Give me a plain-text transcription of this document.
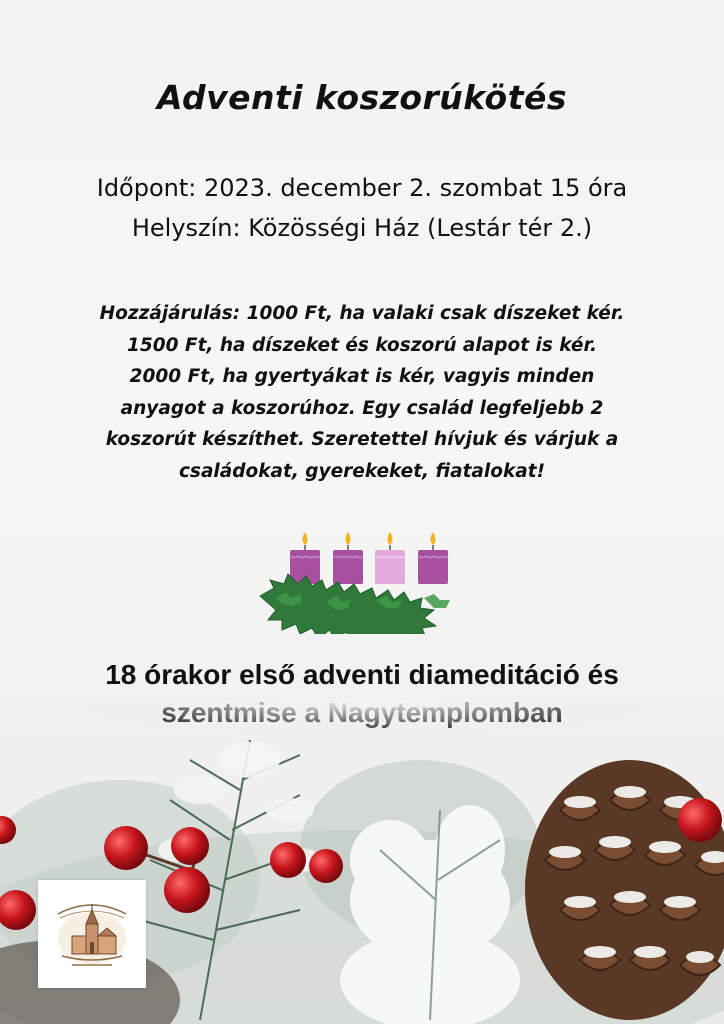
Adventi koszorúkötés
Időpont: 2023. december 2. szombat 15 óra
Helyszín: Közösségi Ház (Lestár tér 2.)
Hozzájárulás: 1000 Ft, ha valaki csak díszeket kér.
1500 Ft, ha díszeket és koszorú alapot is kér.
2000 Ft, ha gyertyákat is kér, vagyis minden
anyagot a koszorúhoz. Egy család legfeljebb 2
koszorút készíthet. Szeretettel hívjuk és várjuk a
családokat, gyerekeket, fiatalokat!
18 órakor első adventi diameditáció és
